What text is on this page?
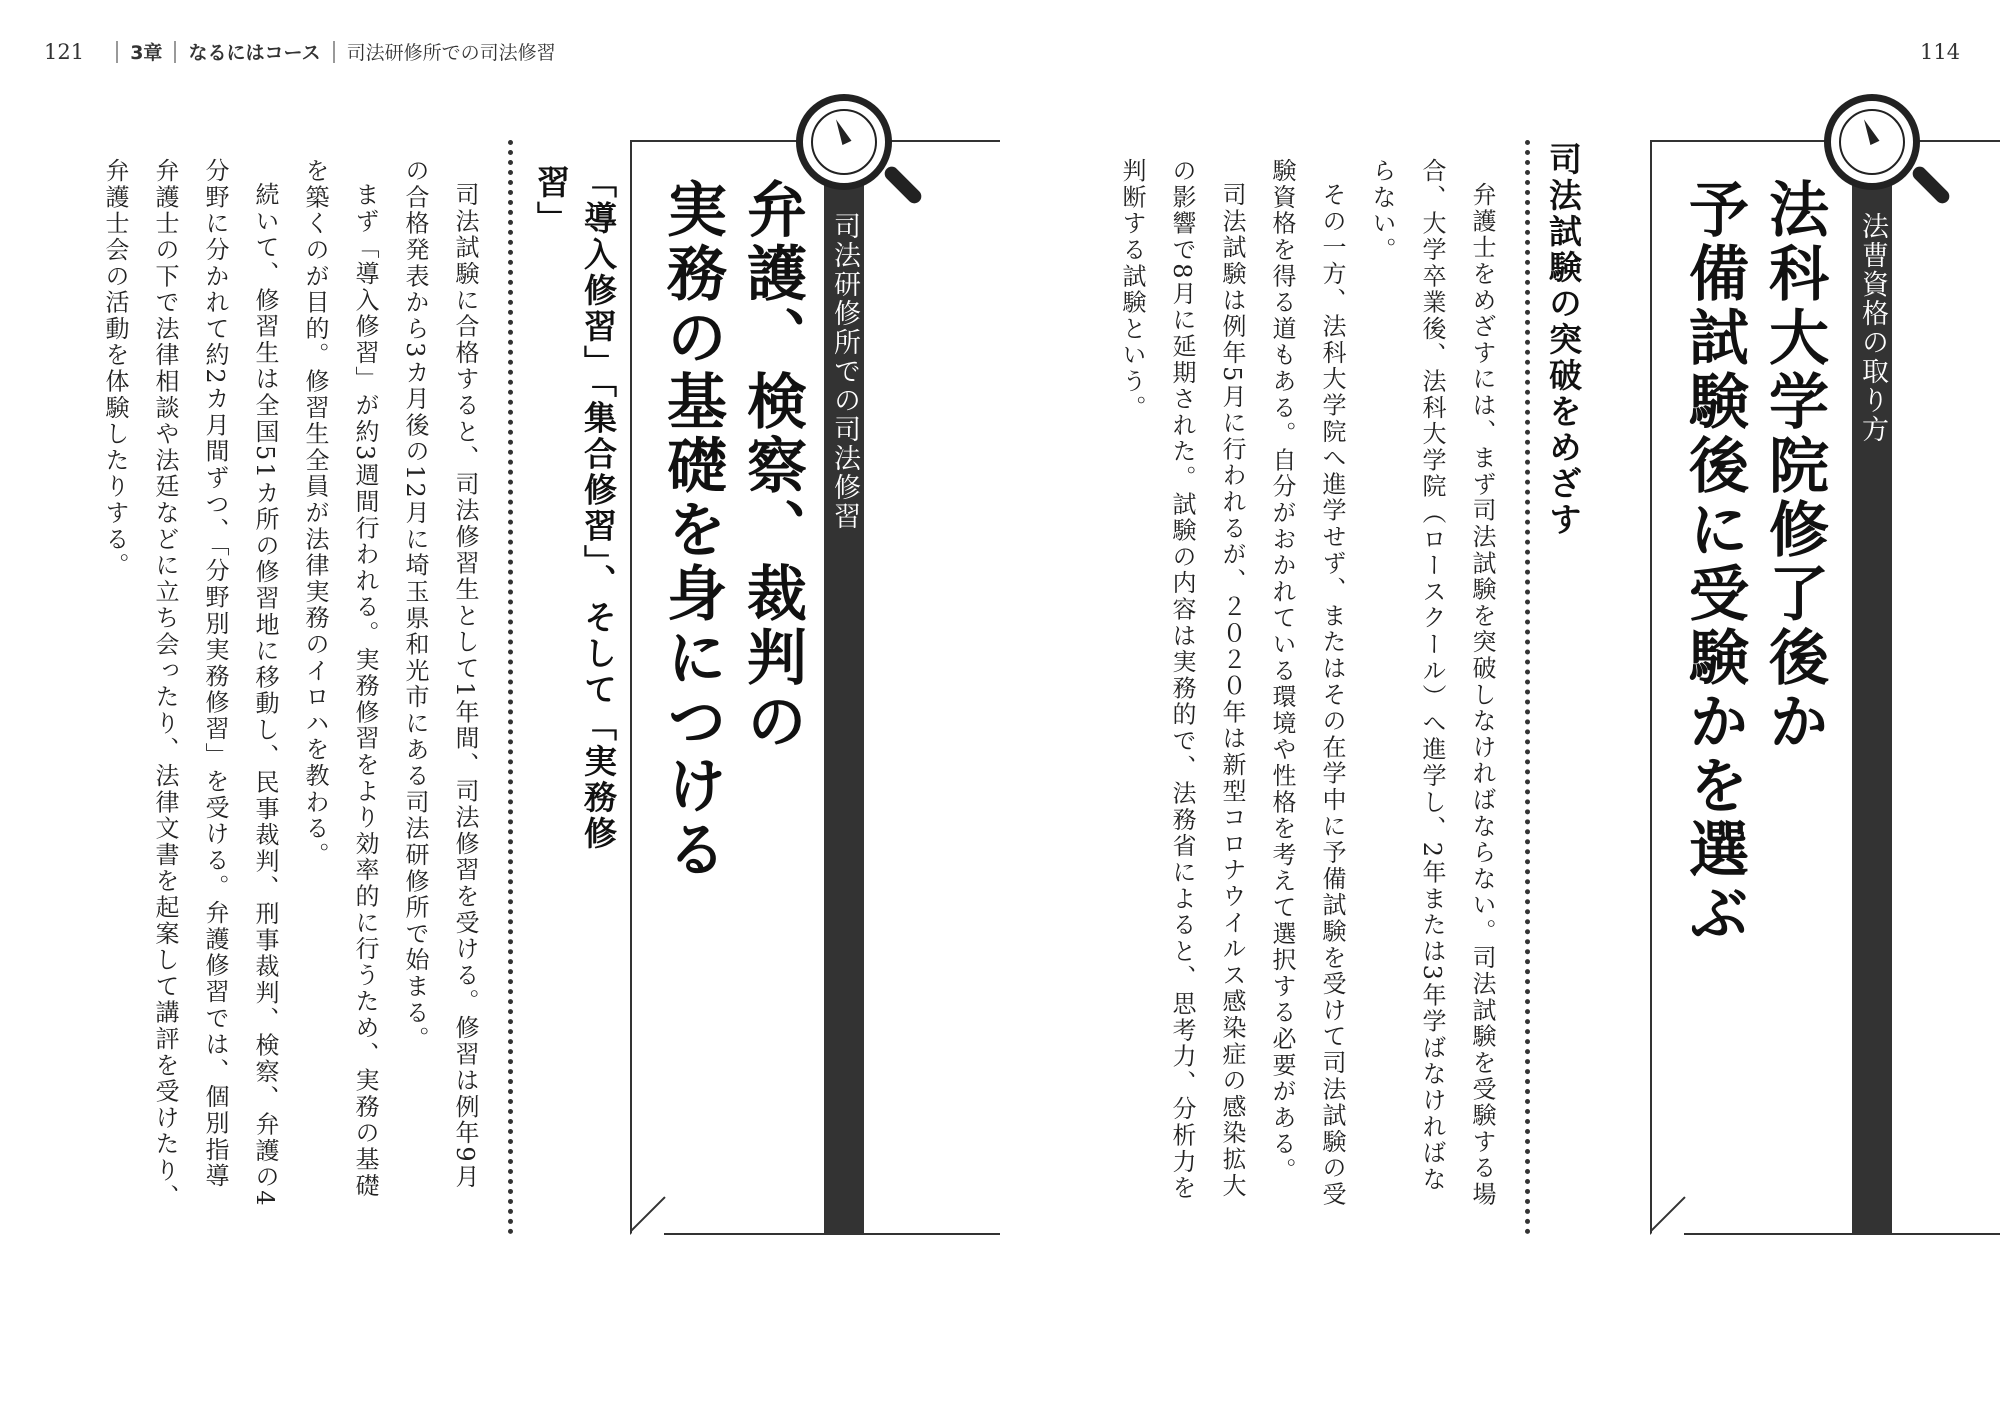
121 3章 なるにはコース 司法研修所での司法修習
司法研修所での司法修習
弁護、検察、裁判の
実務の基礎を身につける
「導入修習」「集合修習」、そして「実務修習」

司法試験に合格すると、司法修習生として1年間、司法修習を受ける。修習は例年9月

の合格発表から3カ月後の12月に埼玉県和光市にある司法研修所で始まる。

まず「導入修習」が約3週間行われる。実務修習をより効率的に行うため、実務の基礎

を築くのが目的。修習生全員が法律実務のイロハを教わる。

続いて、修習生は全国51カ所の修習地に移動し、民事裁判、刑事裁判、検察、弁護の4

分野に分かれて約2カ月間ずつ、「分野別実務修習」を受ける。弁護修習では、個別指導

弁護士の下で法律相談や法廷などに立ち会ったり、法律文書を起案して講評を受けたり、

弁護士会の活動を体験したりする。

114
法曹資格の取り方
法科大学院修了後か
予備試験後に受験かを選ぶ
司法試験の突破をめざす

弁護士をめざすには、まず司法試験を突破しなければならない。司法試験を受験する場

合、大学卒業後、法科大学院（ロースクール）へ進学し、2年または3年学ばなければな

らない。

その一方、法科大学院へ進学せず、またはその在学中に予備試験を受けて司法試験の受

験資格を得る道もある。自分がおかれている環境や性格を考えて選択する必要がある。

司法試験は例年5月に行われるが、２０２０年は新型コロナウイルス感染症の感染拡大

の影響で8月に延期された。試験の内容は実務的で、法務省によると、思考力、分析力を

判断する試験という。
